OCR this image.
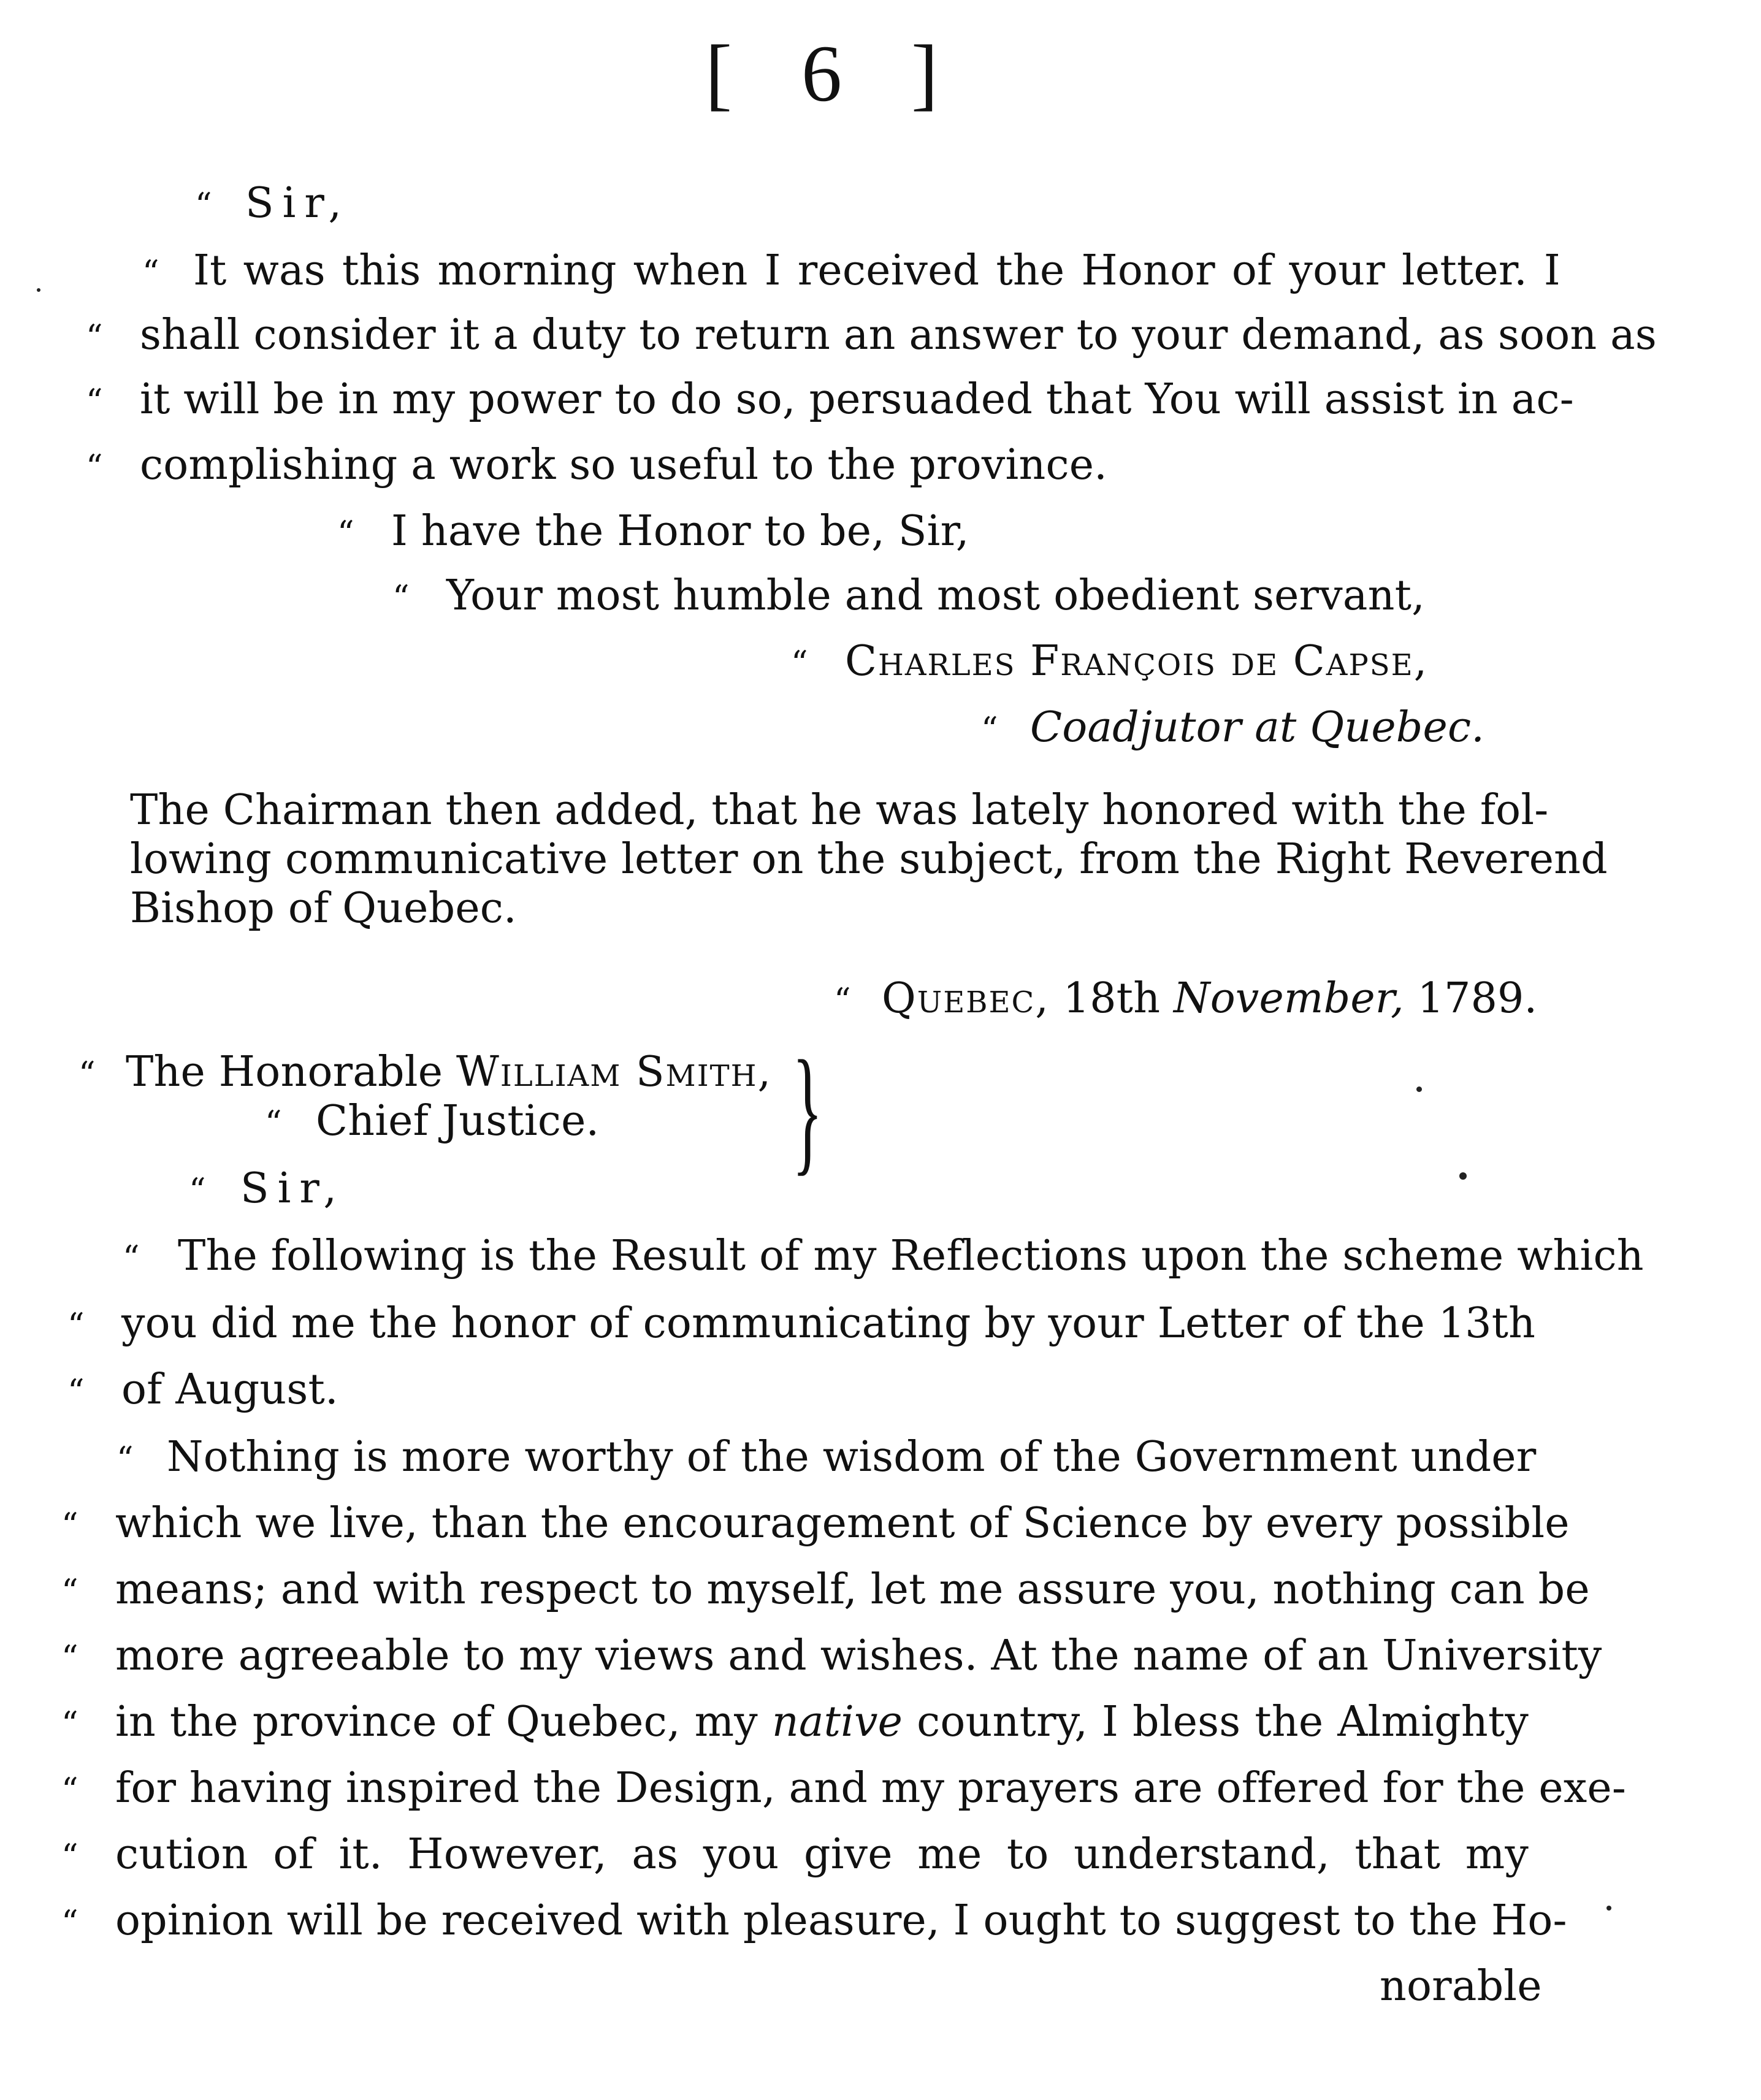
[ 6 ]
“ Sir,
“ It was this morning when I received the Honor of your letter. I
“ shall consider it a duty to return an answer to your demand, as soon as
“ it will be in my power to do so, persuaded that You will assist in ac-
“ complishing a work so useful to the province.
“ I have the Honor to be, Sir,
“ Your most humble and most obedient servant,
“ Charles François de Capse,
“ Coadjutor at Quebec.
The Chairman then added, that he was lately honored with the fol-
lowing communicative letter on the subject, from the Right Reverend
Bishop of Quebec.
“ Quebec, 18th November, 1789.
“ The Honorable William Smith,
“ Chief Justice. }
“ Sir,
“ The following is the Result of my Reflections upon the scheme which
“ you did me the honor of communicating by your Letter of the 13th
“ of August.
“ Nothing is more worthy of the wisdom of the Government under
“ which we live, than the encouragement of Science by every possible
“ means; and with respect to myself, let me assure you, nothing can be
“ more agreeable to my views and wishes. At the name of an University
“ in the province of Quebec, my native country, I bless the Almighty
“ for having inspired the Design, and my prayers are offered for the exe-
“ cution of it. However, as you give me to understand, that my
“ opinion will be received with pleasure, I ought to suggest to the Ho-
norable
